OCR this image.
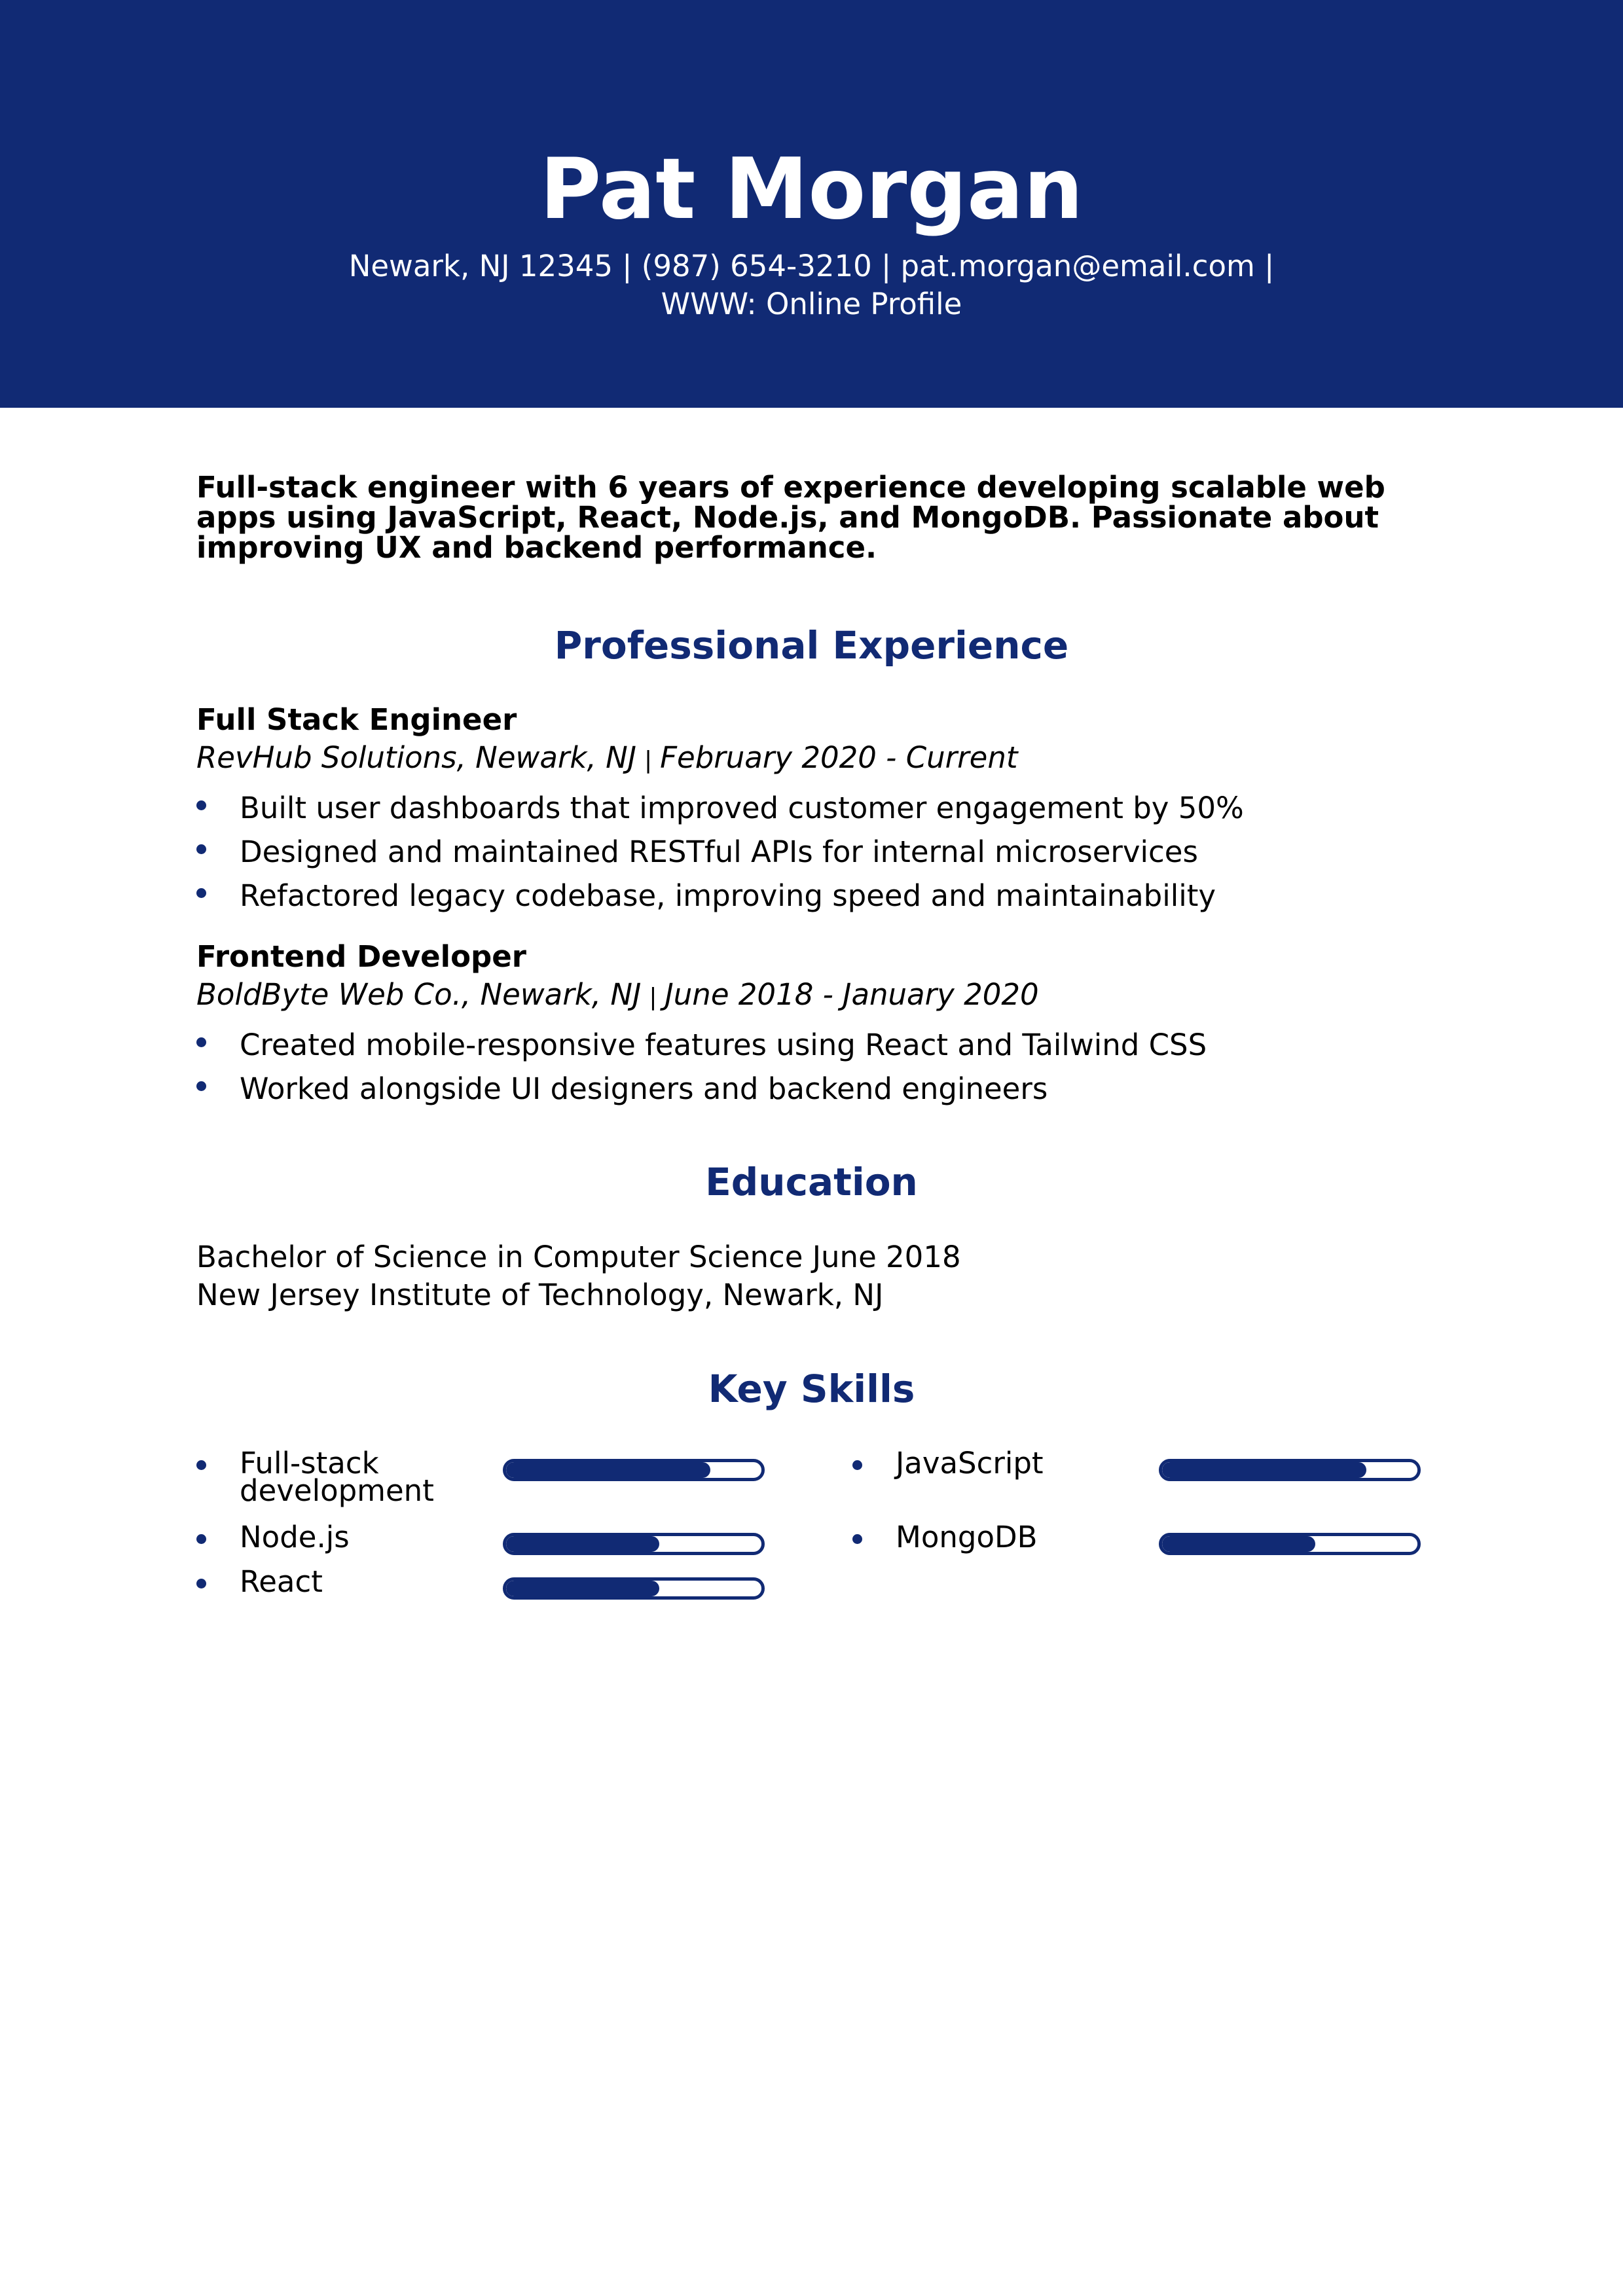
Pat Morgan
Newark, NJ 12345 | (987) 654-3210 | pat.morgan@email.com |
WWW: Online Profile

Full-stack engineer with 6 years of experience developing scalable web apps using JavaScript, React, Node.js, and MongoDB. Passionate about improving UX and backend performance.

Professional Experience
Full Stack Engineer
RevHub Solutions, Newark, NJ | February 2020 - Current
Built user dashboards that improved customer engagement by 50%
Designed and maintained RESTful APIs for internal microservices
Refactored legacy codebase, improving speed and maintainability
Frontend Developer
BoldByte Web Co., Newark, NJ | June 2018 - January 2020
Created mobile-responsive features using React and Tailwind CSS
Worked alongside UI designers and backend engineers
Education
Bachelor of Science in Computer Science June 2018
New Jersey Institute of Technology, Newark, NJ
Key Skills
Full-stack development
JavaScript
Node.js	MongoDB
React
